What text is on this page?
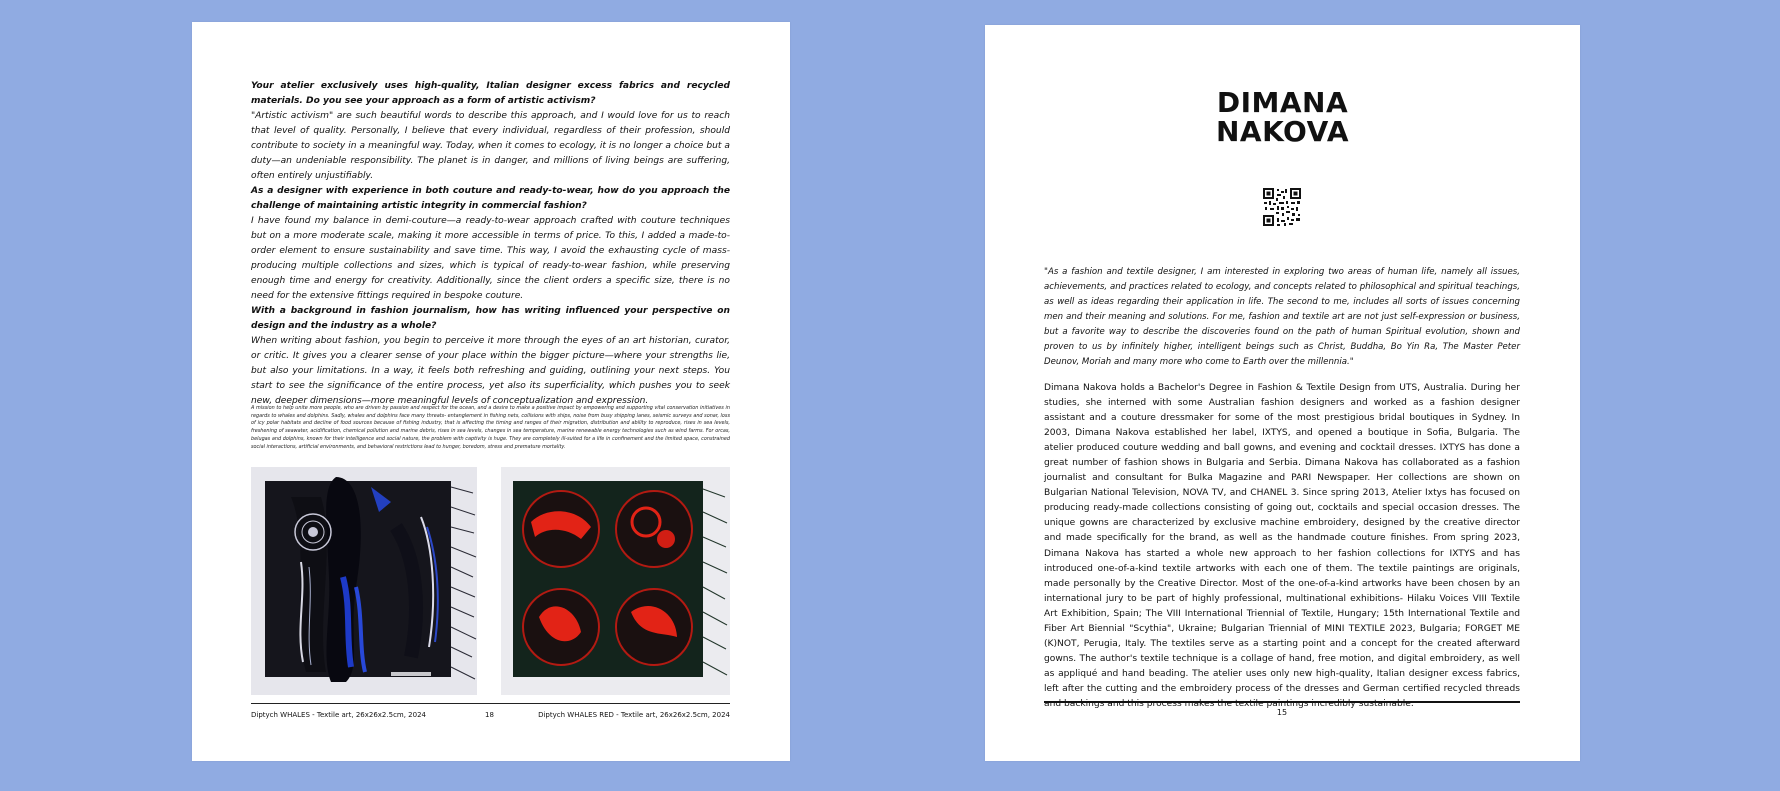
Your atelier exclusively uses high-quality, Italian designer excess fabrics and recycled materials. Do you see your approach as a form of artistic activism?

"Artistic activism" are such beautiful words to describe this approach, and I would love for us to reach that level of quality. Personally, I believe that every individual, regardless of their profession, should contribute to society in a meaningful way. Today, when it comes to ecology, it is no longer a choice but a duty—an undeniable responsibility. The planet is in danger, and millions of living beings are suffering, often entirely unjustifiably.

As a designer with experience in both couture and ready-to-wear, how do you approach the challenge of maintaining artistic integrity in commercial fashion?

I have found my balance in demi-couture—a ready-to-wear approach crafted with couture techniques but on a more moderate scale, making it more accessible in terms of price. To this, I added a made-to-order element to ensure sustainability and save time. This way, I avoid the exhausting cycle of mass-producing multiple collections and sizes, which is typical of ready-to-wear fashion, while preserving enough time and energy for creativity. Additionally, since the client orders a specific size, there is no need for the extensive fittings required in bespoke couture.

With a background in fashion journalism, how has writing influenced your perspective on design and the industry as a whole?

When writing about fashion, you begin to perceive it more through the eyes of an art historian, curator, or critic. It gives you a clearer sense of your place within the bigger picture—where your strengths lie, but also your limitations. In a way, it feels both refreshing and guiding, outlining your next steps. You start to see the significance of the entire process, yet also its superficiality, which pushes you to seek new, deeper dimensions—more meaningful levels of conceptualization and expression.

A mission to help unite more people, who are driven by passion and respect for the ocean, and a desire to make a positive impact by empowering and supporting vital conservation initiatives in regards to whales and dolphins. Sadly, whales and dolphins face many threats- entanglement in fishing nets, collisions with ships, noise from busy shipping lanes, seismic surveys and sonar, loss of icy polar habitats and decline of food sources because of fishing industry, that is affecting the timing and ranges of their migration, distribution and ability to reproduce, rises in sea levels, freshening of seawater, acidification, chemical pollution and marine debris, rises in sea levels, changes in sea temperature, marine renewable energy technologies such as wind farms. For orcas, belugas and dolphins, known for their intelligence and social nature, the problem with captivity is huge. They are completely ill-suited for a life in confinement and the limited space, constrained social interactions, artificial environments, and behavioral restrictions lead to hunger, boredom, stress and premature mortality.
Diptych WHALES - Textile art, 26x26x2.5cm, 2024	18	Diptych WHALES RED - Textile art, 26x26x2.5cm, 2024
DIMANA
NAKOVA
"As a fashion and textile designer, I am interested in exploring two areas of human life, namely all issues, achievements, and practices related to ecology, and concepts related to philosophical and spiritual teachings, as well as ideas regarding their application in life. The second to me, includes all sorts of issues concerning men and their meaning and solutions. For me, fashion and textile art are not just self-expression or business, but a favorite way to describe the discoveries found on the path of human Spiritual evolution, shown and proven to us by infinitely higher, intelligent beings such as Christ, Buddha, Bo Yin Ra, The Master Peter Deunov, Moriah and many more who come to Earth over the millennia."
Dimana Nakova holds a Bachelor's Degree in Fashion & Textile Design from UTS, Australia. During her studies, she interned with some Australian fashion designers and worked as a fashion designer assistant and a couture dressmaker for some of the most prestigious bridal boutiques in Sydney. In 2003, Dimana Nakova established her label, IXTYS, and opened a boutique in Sofia, Bulgaria. The atelier produced couture wedding and ball gowns, and evening and cocktail dresses. IXTYS has done a great number of fashion shows in Bulgaria and Serbia. Dimana Nakova has collaborated as a fashion journalist and consultant for Bulka Magazine and PARI Newspaper. Her collections are shown on Bulgarian National Television, NOVA TV, and CHANEL 3. Since spring 2013, Atelier Ixtys has focused on producing ready-made collections consisting of going out, cocktails and special occasion dresses. The unique gowns are characterized by exclusive machine embroidery, designed by the creative director and made specifically for the brand, as well as the handmade couture finishes. From spring 2023, Dimana Nakova has started a whole new approach to her fashion collections for IXTYS and has introduced one-of-a-kind textile artworks with each one of them. The textile paintings are originals, made personally by the Creative Director. Most of the one-of-a-kind artworks have been chosen by an international jury to be part of highly professional, multinational exhibitions- Hilaku Voices VIII Textile Art Exhibition, Spain; The VIII International Triennial of Textile, Hungary; 15th International Textile and Fiber Art Biennial "Scythia", Ukraine; Bulgarian Triennial of MINI TEXTILE 2023, Bulgaria; FORGET ME (K)NOT, Perugia, Italy. The textiles serve as a starting point and a concept for the created afterward gowns. The author's textile technique is a collage of hand, free motion, and digital embroidery, as well as appliqué and hand beading. The atelier uses only new high-quality, Italian designer excess fabrics, left after the cutting and the embroidery process of the dresses and German certified recycled threads and backings and this process makes the textile paintings incredibly sustainable.
15
